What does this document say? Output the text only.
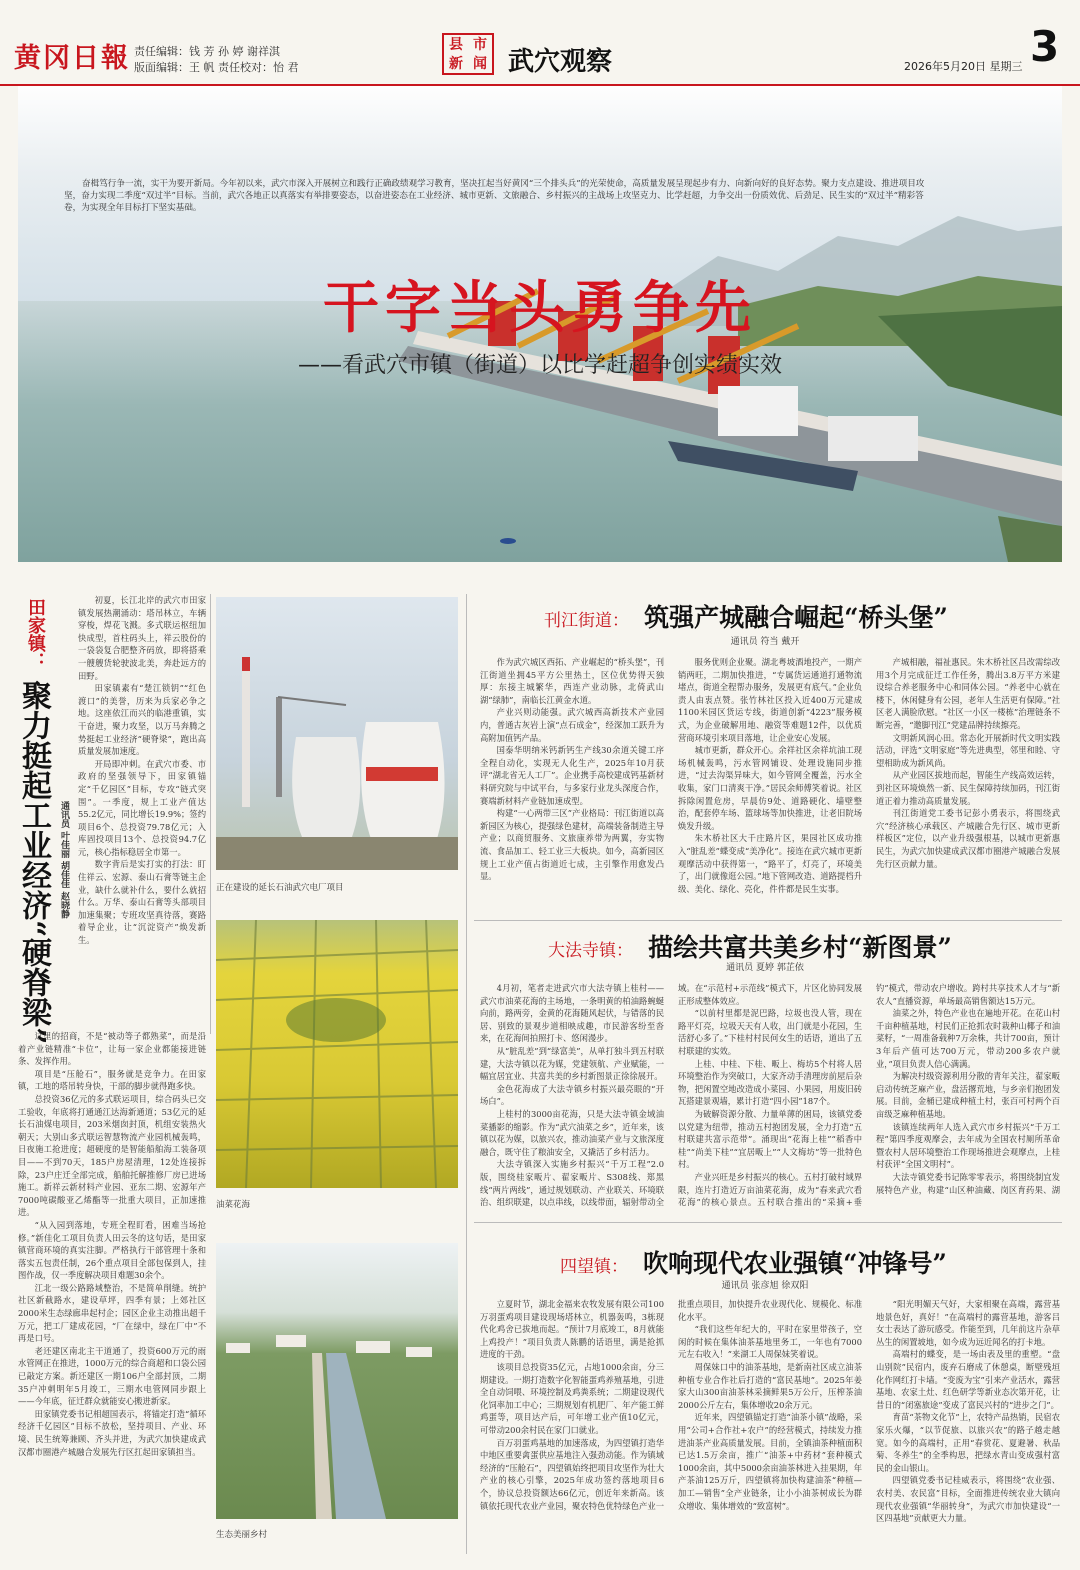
黄冈日報 责任编辑：钱 芳 孙 婷 谢祥淇
版面编辑：王 帆 责任校对：怡 君
县 市
新 闻 武穴观察	2026年5月20日 星期三 3
奋楫笃行争一流，实干为要开新局。今年初以来，武穴市深入开展树立和践行正确政绩观学习教育，坚决扛起当好黄冈“三个排头兵”的光荣使命，高质量发展呈现起步有力、向新向好的良好态势。聚力支点建设、推进项目攻坚，奋力实现二季度“双过半”目标。当前，武穴各地正以真落实有举排要姿态，以奋进姿态在工业经济、城市更新、文旅融合、乡村振兴的主战场上攻坚克力、比学赶超，力争交出一份质效优、后劲足、民生实的“双过半”精彩答卷，为实现全年目标打下坚实基础。
干字当头勇争先
——看武穴市镇（街道）以比学赶超争创实绩实效
田家镇：
聚力挺起工业经济“硬脊梁” 通讯员 叶佳丽 胡佳佳 赵晓静

初夏，长江北岸的武穴市田家镇发展热潮涌动：塔吊林立，车辆穿梭，焊花飞溅。多式联运枢纽加快成型，首柱码头上，祥云股份的一袋袋复合肥整齐码放，即将搭乘一艘艘货轮驶波北美，奔赴远方的田野。

田家镇素有“楚江锁钥”“红色渡口”的美誉，历来为兵家必争之地。这座依江而兴的临港重镇，实干奋进，聚力攻坚，以万马奔腾之势挺起工业经济“硬脊梁”，跑出高质量发展加速度。

开局即冲刺。在武穴市委、市政府的坚强领导下，田家镇锚定“千亿园区”目标，专攻“链式突围”。一季度，规上工业产值达55.2亿元，同比增长19.9%；签约项目6个、总投资79.78亿元；入库固投项目13个、总投资94.7亿元，核心指标稳居全市第一。

数字背后是实打实的打法：盯住祥云、宏源、泰山石膏等链主企业，缺什么就补什么，要什么就招什么。万华、泰山石膏等头部项目加速集聚；专班攻坚真待落，赛路着导企业，让“沉淀资产”焕发新生。

这里的招商，不是“被动等子都熟菜”，而是沿着产业链精准“卡位”，让每一家企业都能接进链条、发挥作用。

项目是“压舱石”，服务就是竞争力。在田家镇，工地的塔吊转身快，干部的脚步就得跑多快。

总投资36亿元的多式联运项目，综合码头已交工验收，年底将打通通江达海新通道；53亿元的延长石油煤电项目，203米烟囱封顶，机组安装热火朝天；大别山多式联运智慧物流产业园机械轰鸣，日夜施工抢进度；超硬度的是智能船舶海工装备项目——不到70天，185户房屋清理，12处连接拆除，23户庄迁全部完成，船舶托解推修厂房已进场施工。新祥云新材料产业园、亚东二期、宏源年产7000吨碳酸亚乙烯酯等一批重大项目，正加速推进。

“从入园到落地，专班全程盯看，困难当场抢修。”新佳化工项目负责人田云冬的这句话，是田家镇营商环境的真实注脚。严格执行干部管理十条和落实五包责任制，26个重点项目全部包保到人，挂图作战，仅一季度解决项目难题30余个。

江北一级公路路域整治，不是简单削缝。统护社区新截路水，建设草坪，四季有景；上郊社区2000米生态绿廊串起村企；园区企业主动推出超千万元，把工厂建成花园，“厂在绿中，绿在厂中”不再是口号。

老还建区南北主干道通了，投资600万元的雨水管网正在推进，1000万元的综合商超和口袋公园已敲定方案。新还建区一期106户全部封顶，二期35户冲刺明年5月竣工，三期水电管网同步跟上——今年底，征迁群众就能安心搬进新家。

田家镇党委书记相超国表示，将锚定打造“循环经济千亿园区”目标不放松，坚持项目、产业、环境、民生统筹兼顾、齐头并进，为武穴加快建成武汉都市圈港产城融合发展先行区扛起田家镇担当。

正在建设的延长石油武穴电厂项目
油菜花海
生态美丽乡村
刊江街道： 筑强产城融合崛起“桥头堡”
通讯员 符当 戴开

作为武穴城区西拓、产业崛起的“桥头堡”，刊江街道坐拥45平方公里热土，区位优势得天独厚：东接主城繁华，西连产业动脉，北倚武山湖“绿肺”，南临长江黄金水道。

产业兴则动能强。武穴城西高新技术产业园内，普通古灰岩上演“点石成金”，经深加工跃升为高附加值钙产品。

国泰华明纳米钙新钙生产线30余道关键工序全程自动化，实现无人化生产，2025年10月获评“湖北省无人工厂”。企业携手高校建成钙基新材料研究院与中试平台，与多家行业龙头深度合作，赛端新材料产业链加速成型。

构建“一心两带三区”产业格局：刊江街道以高新园区为核心，提强绿色建材，高端装备制造主导产业；以商贸服务、文旅康养带为两翼，夯实物流、食品加工、轻工业三大板块。如今，高新园区规上工业产值占街道近七成，主引擎作用愈发凸显。

服务优则企业聚。湖北粤坡酒地投产，一期产销两旺，二期加快推进，“专属货运通道打通物流堵点，街道全程帮办服务，发展更有底气。”企业负责人由衷点赞。张竹林社区投入近400万元建成1100米园区货运专线，街道创新“4223”服务模式，为企业破解用地、融资等难题12件，以优质营商环境引来项目落地，让企业安心发展。

城市更新，群众开心。余祥社区余祥坑油工现场机械轰鸣，污水管网铺设、处理设施同步推进，“过去沟渠异味大，如今管网全覆盖，污水全收集，家门口清爽干净。”居民余师傅笑着说。社区拆除闲置危房，早晨仿9处、道路硬化、墙壁整治，配套停车场、篮球场等加快推进，让老旧院场焕发升级。

朱木桥社区大千庄路片区，果园社区成功推入“脏乱差”蝶变成“美净化”。接连在武穴城市更新观摩活动中获得第一，“路平了，灯亮了，环境美了，出门就像逛公园。”地下管网改造、道路提档升级、美化、绿化、亮化，件件都是民生实事。

产城相融，福祉惠民。朱木桥社区吕改需综改用3个月完成征迁工作任务，腾出3.8万平方米建设综合养老服务中心和同体公园。“养老中心就在楼下，休闲健身有公园，老年人生活更有保障。”社区老人满脸欣慰。“社区一小区一楼栋”治理链条不断完善，“邀脚刊江”党建品牌持续擦亮。

文明新风润心田。常态化开展新时代文明实践活动，评选“文明家庭”等先进典型，邻里和睦、守望相助成为新风尚。

从产业园区拔地而起，智能生产线高效运转，到社区环境焕然一新、民生保障持续加码，刊江街道正着力推动高质量发展。

刊江街道党工委书记彭小勇表示，将围绕武穴“经济核心承载区、产城融合先行区、城市更新样板区”定位，以产业升级强根基，以城市更新惠民生，为武穴加快建成武汉都市圈港产城融合发展先行区贡献力量。

大法寺镇： 描绘共富共美乡村“新图景”
通讯员 夏婷 郭芷依

4月初，笔者走进武穴市大法寺镇上桂村——武穴市油菜花海的主场地，一条明黄的柏油路蜿蜒向前，路两旁，金黄的花海随风起伏，与错落的民居、别致的景观步道相映成趣，市民游客纷至沓来，在花海间拍照打卡、悠闲漫步。

从“脏乱差”到“绿富美”，从单打独斗到五村联建，大法寺镇以花为媒，党建领航、产业赋能，一幅宜居宜业、共富共美的乡村新图景正徐徐展开。

金色花海成了大法寺镇乡村振兴最亮眼的“开场白”。

上桂村的3000亩花海，只是大法寺镇金域油菜播影的缩影。作为“武穴油菜之乡”，近年来，该镇以花为媒，以旅兴农，推动油菜产业与文旅深度融合，既守住了粮油安全，又撬活了乡村活力。

大法寺镇深入实施乡村振兴“千万工程”2.0版，围绕桂家畈片、翟家畈片、S308线、郑黑线“两片两线”，通过规划联动、产业联关、环境联治、组织联建，以点串线，以线带面，辐射带动全域。在“示范村+示范线”模式下，片区化协同发展正形成整体效应。

“以前村里都是泥巴路，垃圾也没人管，现在路平灯亮，垃圾天天有人收，出门就是小花园，生活舒心多了。”下桂村村民何女生的话语，道出了五村联建的实效。

上桂、中桂、下桂、畈上、梅坊5个村将人居环境整治作为突破口，大家齐动手清理房前屋后杂物，把闲置空地改造成小菜园、小果园，用废旧砖瓦搭建景观墙，累计打造“四小园”187个。

为破解资源分散、力量单薄的困局，该镇党委以党建为纽带，推动五村抱团发展，全力打造“五村联建共富示范带”。涌现出“花海上桂”“稻香中桂”“尚美下桂”“宜居畈上”“人文梅坊”等一批特色村。

产业兴旺是乡村振兴的核心。五村打破村域界限，连片打造近万亩油菜花海，成为“春来武穴看花海”的核心景点。五村联合推出的“采摘+垂钓”模式，带动农户增收。跨村共享技术人才与“新农人”直播资源，单场最高销售额达15万元。

油菜之外，特色产业也在遍地开花。在花山村千亩种植基地，村民们正抢抓农时栽种山椰子和油菜籽，“一周准备载种7万余株，共计700亩，预计3年后产值可达700万元，带动200多农户就业，”项目负责人信心满满。

为解决村级资源利用分散的青年关注，翟家畈启动传统芝麻产业，盘活撂荒地，与乡亲们抱团发展。目前，金桶已建成种植土村，张百可村两个百亩级芝麻种植基地。

该镇连续两年人选入武穴市乡村振兴“千万工程”第四季度观摩会，去年成为全国农村厕所革命暨农村人居环境整治工作现场推进会观摩点，上桂村获评“全国文明村”。

大法寺镇党委书记陈零零表示，将围绕制宜发展特色产业，构建“山区种油藏、岗区育药果、湖

四望镇： 吹响现代农业强镇“冲锋号”
通讯员 张彦旭 徐双阳

立夏时节，湖北金福来农牧发展有限公司100万羽蛋鸡项目建设现场塔林立，机器轰鸣，3栋现代化鸡舍已拔地而起。“预计7月底竣工，8月就能上鸡投产！”项目负责人陈鹏的话语里，满是抢抓进度的干劲。

该项目总投资35亿元，占地1000余亩，分三期建设。一期打造数字化智能蛋鸡养殖基地，引进全自动饲喂、环境控制及鸡粪系统；二期建设现代化饲率加工中心；三期规划有机肥厂、年产能工鲜鸡蛋等，项目达产后，可年增工业产值10亿元，可带动200余村民在家门口就业。

百万羽蛋鸡基地的加速落成，为四望镇打造华中地区重要禽蛋供应基地注入强劲动能。作为镇域经济的“压舱石”，四望镇始终把项目攻坚作为壮大产业的核心引擎，2025年成功签约落地项目6个，协议总投资额达66亿元，创近年来新高。该镇依托现代农业产业园，聚农特色优特绿色产业一批重点项目，加快提升农业现代化、规模化、标准化水平。

“我们这些年纪大的，平时在家里带孩子，空闲的时候在集体油茶基地里务工，一年也有7000元左右收入！”来湖工人周保妹笑着说。

周保妹口中的油茶基地，是新南社区成立油茶种植专业合作社后打造的“富民基地”。2025年姜家大山300亩油茶林采摘鲜果5万公斤，压榨茶油2000公斤左右，集体增收20余万元。

近年来，四望镇锚定打造“油茶小镇”战略，采用“公司+合作社+农户”的经营模式，持续发力推进油茶产业高质量发展。目前，全镇油茶种植面积已达1.5万余亩，推广“油茶+中药材”套种模式1000余亩，其中5000余亩油茶林进入挂果期，年产茶油125万斤，四望镇将加快构建油茶“种植—加工—销售”全产业链条，让小小油茶树成长为群众增收、集体增效的“致富树”。

“阳光明媚天气好，大家相聚在高端，露营基地景色好，真好！”在高端村的露营基地，游客吕女士表达了游玩感受。作能至到，几年前这片杂草丛生的闲置坡地，如今成为远近闻名的打卡地。

高端村的蝶变，是一场由表及里的重塑。“盘山别院”民宿内，废弃石磨成了休憩桌，断壁残垣化作网红打卡墙。“变废为宝”引来产业活水，露营基地、农家土灶、红色研学等新业态次第开花，让昔日的“闭塞旅途”变成了富民兴村的“进步之门”。

育苗“茶物文化节”上，农特产品热销，民宿农家乐火爆，“以节促旅、以旅兴农”的路子越走越宽。如今的高端村，正用“春赏花、夏避暑、秋品菊、冬养生”的全季构思，把绿水青山变成强村富民的金山银山。

四望镇党委书记桂威表示，将围绕“农业强、农村美、农民富”目标，全面推进传统农业大镇向现代农业强镇“华丽转身”，为武穴市加快建设“一区四基地”贡献更大力量。
